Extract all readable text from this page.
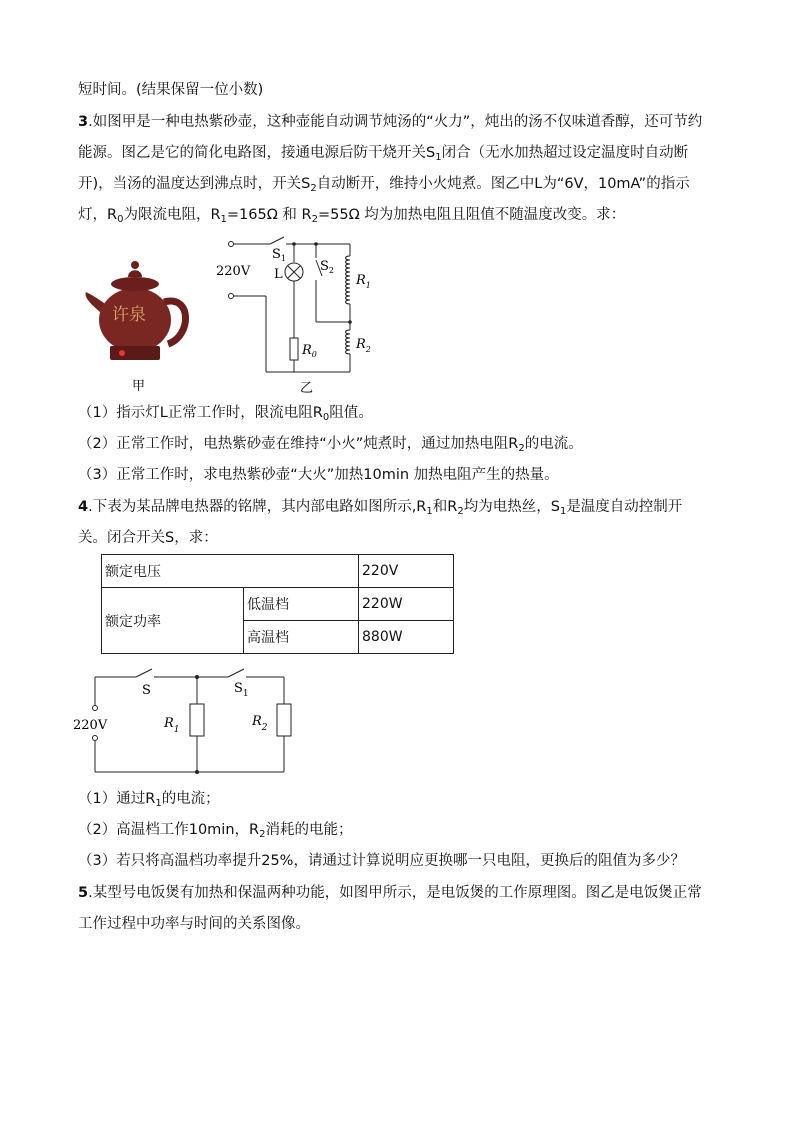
短时间。(结果保留一位小数)
3.如图甲是一种电热紫砂壶，这种壶能自动调节炖汤的“火力”，炖出的汤不仅味道香醇，还可节约
能源。图乙是它的简化电路图，接通电源后防干烧开关$S_1$闭合（无水加热超过设定温度时自动断
开)，当汤的温度达到沸点时，开关$S_2$自动断开，维持小火炖煮。图乙中L为“6V，10mA”的指示
灯，$R_0$为限流电阻，$R_1=165\Omega$ 和 $R_2=55\Omega$ 均为加热电阻且阻值不随温度改变。求：
许泉
甲
220V
$S_1$
L
$S_2$
$R_0$
$R_1$
$R_2$
乙
（1）指示灯L正常工作时，限流电阻$R_0$阻值。
（2）正常工作时，电热紫砂壶在维持“小火”炖煮时，通过加热电阻$R_2$的电流。
（3）正常工作时，求电热紫砂壶“大火”加热10min 加热电阻产生的热量。
4.下表为某品牌电热器的铭牌，其内部电路如图所示$,R_1$和$R_2$均为电热丝，$S_1$是温度自动控制开
关。闭合开关S，求：
额定电压		220V
额定功率	低温档	220W
	高温档	880W
220V
S	$S_1$
$R_1$
$R_2$
（1）通过$R_1$的电流；
（2）高温档工作10min，$R_2$消耗的电能；
（3）若只将高温档功率提升25%，请通过计算说明应更换哪一只电阻，更换后的阻值为多少？
5.某型号电饭煲有加热和保温两种功能，如图甲所示，是电饭煲的工作原理图。图乙是电饭煲正常
工作过程中功率与时间的关系图像。
